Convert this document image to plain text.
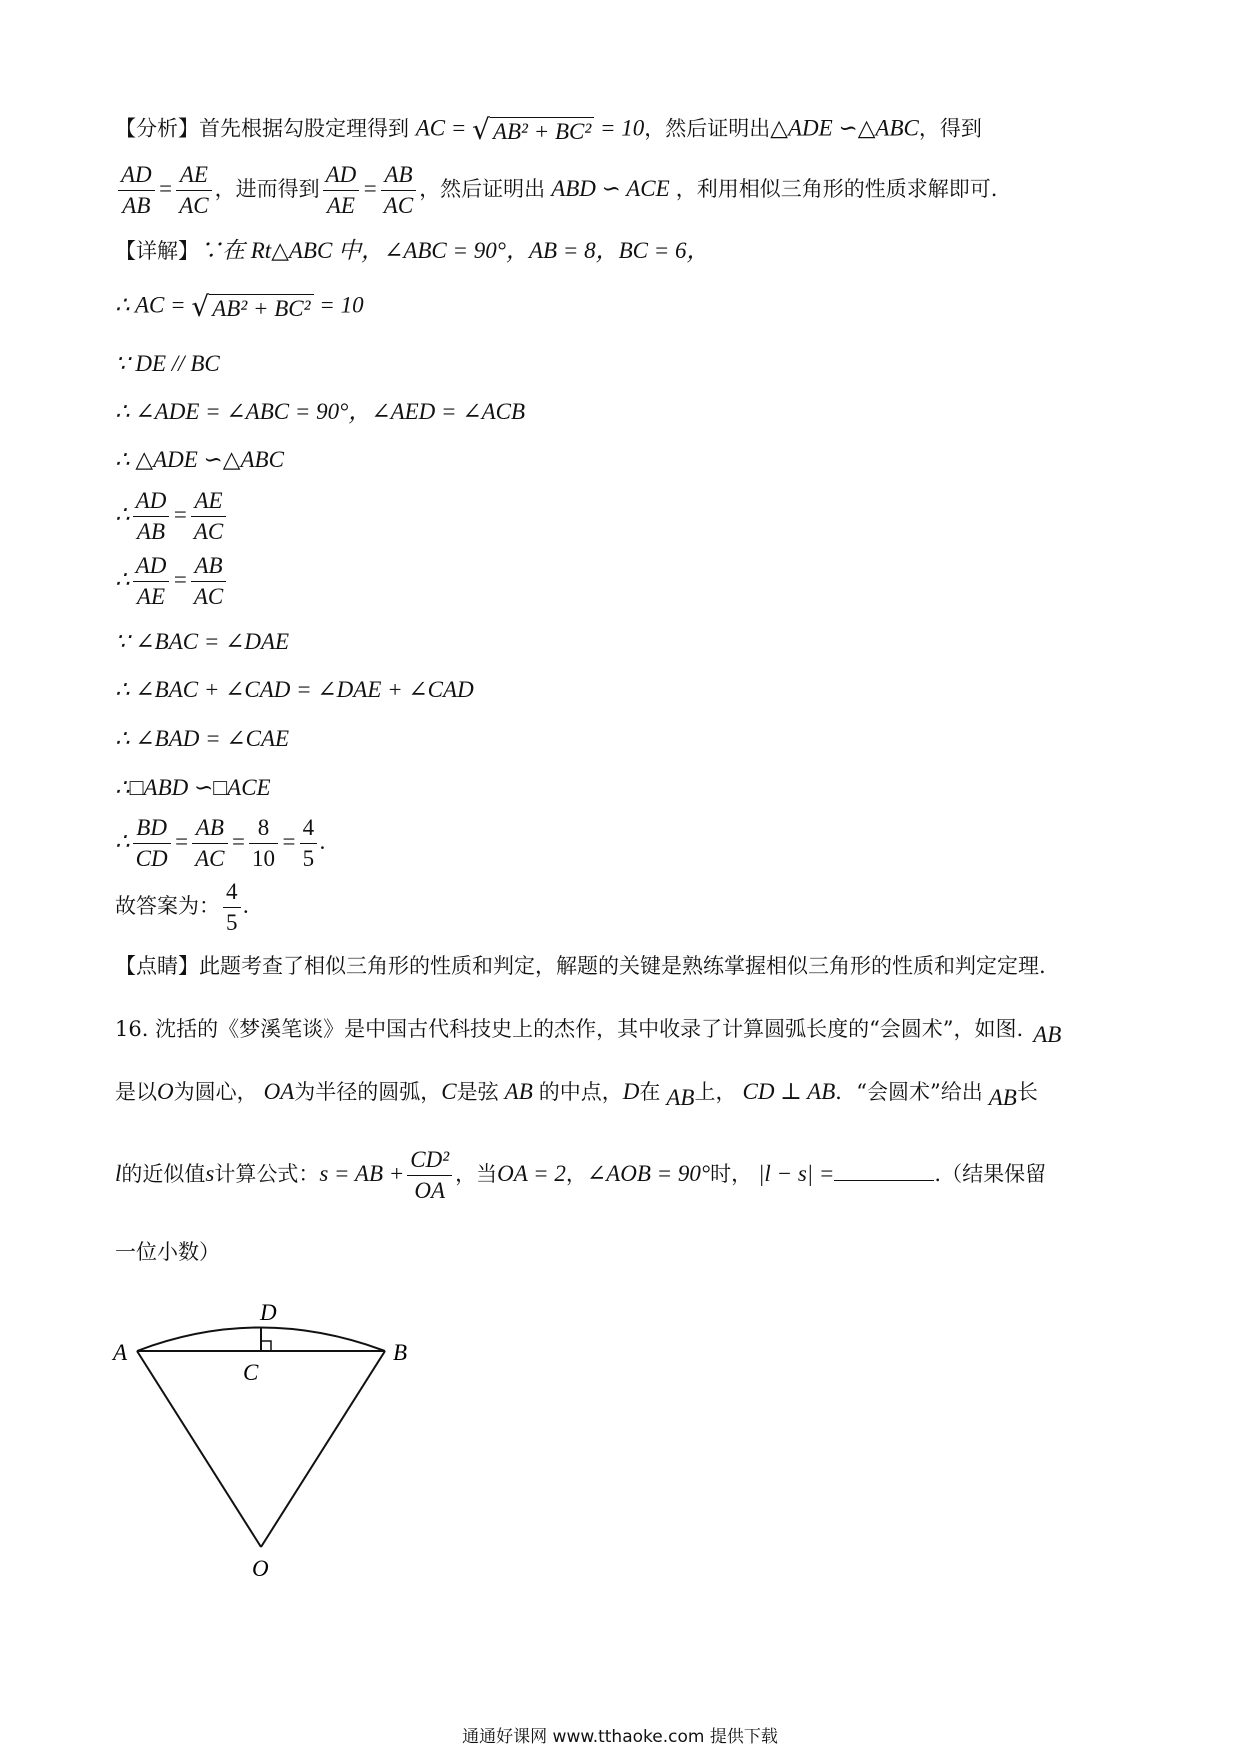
【分析】首先根据勾股定理得到 AC = √ AB² + BC² = 10，然后证明出△ADE ∽△ABC，得到
$\frac{AD}{AB} = \frac{AE}{AC}$ ，进而得到 $\frac{AD}{AE} = \frac{AB}{AC}$ ，然后证明出 ABD ∽ ACE ，利用相似三角形的性质求解即可.
【详解】∵在 Rt△ABC 中，∠ABC = 90°，AB = 8，BC = 6，
∴ AC = √ AB² + BC² = 10
∵ DE // BC
∴ ∠ADE = ∠ABC = 90°，∠AED = ∠ACB
∴ △ADE ∽△ABC
∴ $\frac{AD}{AB} = \frac{AE}{AC}$
∴ $\frac{AD}{AE} = \frac{AB}{AC}$
∵ ∠BAC = ∠DAE
∴ ∠BAC + ∠CAD = ∠DAE + ∠CAD
∴ ∠BAD = ∠CAE
∴□ABD ∽□ACE
∴ $\frac{BD}{CD} = \frac{AB}{AC} = \frac{8}{10} = \frac{4}{5}$ .
故答案为： $\frac{4}{5}$ .
【点睛】此题考查了相似三角形的性质和判定，解题的关键是熟练掌握相似三角形的性质和判定定理.
16. 沈括的《梦溪笔谈》是中国古代科技史上的杰作，其中收录了计算圆弧长度的“会圆术”，如图. AB
是以O为圆心， OA为半径的圆弧，C是弦 AB 的中点，D在 AB上， CD ⊥ AB．“会圆术”给出 AB长
l的近似值s计算公式：s = AB + $\frac{\text{CD²}}{OA}$ ，当OA = 2，∠AOB = 90°时， |l − s| =	.（结果保留
一位小数）
A	B
C
D
O
通通好课网 www.tthaoke.com 提供下载
